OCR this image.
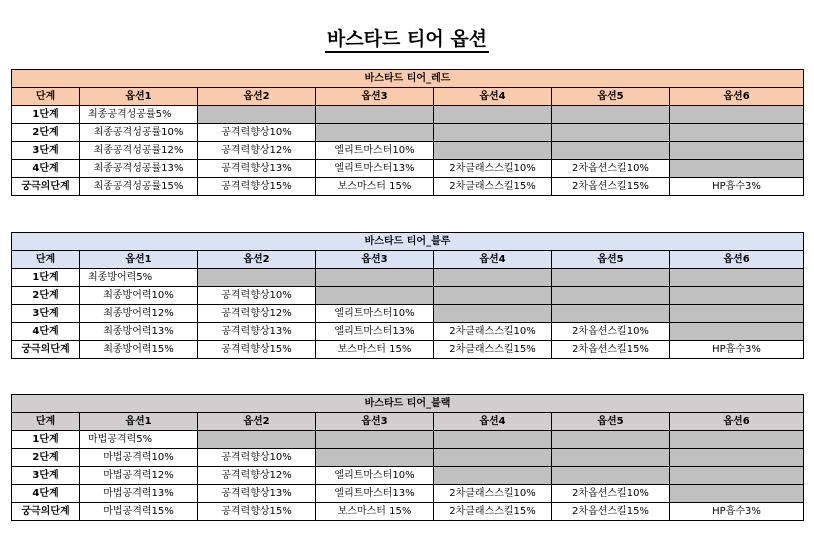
바스타드 티어 옵션
바스타드 티어_레드						
단계	옵션1	옵션2	옵션3	옵션4	옵션5	옵션6
1단계	최종공격성공률5%					
2단계	최종공격성공률10%	공격력향상10%				
3단계	최종공격성공률12%	공격력향상12%	엘리트마스터10%			
4단계	최종공격성공률13%	공격력향상13%	엘리트마스터13%	2차클래스스킬10%	2차옵션스킬10%	
궁극의단계	최종공격성공률15%	공격력향상15%	보스마스터 15%	2차클래스스킬15%	2차옵션스킬15%	HP흡수3%
바스타드 티어_블루						
단계	옵션1	옵션2	옵션3	옵션4	옵션5	옵션6
1단계	최종방어력5%					
2단계	최종방어력10%	공격력향상10%				
3단계	최종방어력12%	공격력향상12%	엘리트마스터10%			
4단계	최종방어력13%	공격력향상13%	엘리트마스터13%	2차클래스스킬10%	2차옵션스킬10%	
궁극의단계	최종방어력15%	공격력향상15%	보스마스터 15%	2차클래스스킬15%	2차옵션스킬15%	HP흡수3%
바스타드 티어_블랙						
단계	옵션1	옵션2	옵션3	옵션4	옵션5	옵션6
1단계	마법공격력5%					
2단계	마법공격력10%	공격력향상10%				
3단계	마법공격력12%	공격력향상12%	엘리트마스터10%			
4단계	마법공격력13%	공격력향상13%	엘리트마스터13%	2차클래스스킬10%	2차옵션스킬10%	
궁극의단계	마법공격력15%	공격력향상15%	보스마스터 15%	2차클래스스킬15%	2차옵션스킬15%	HP흡수3%
